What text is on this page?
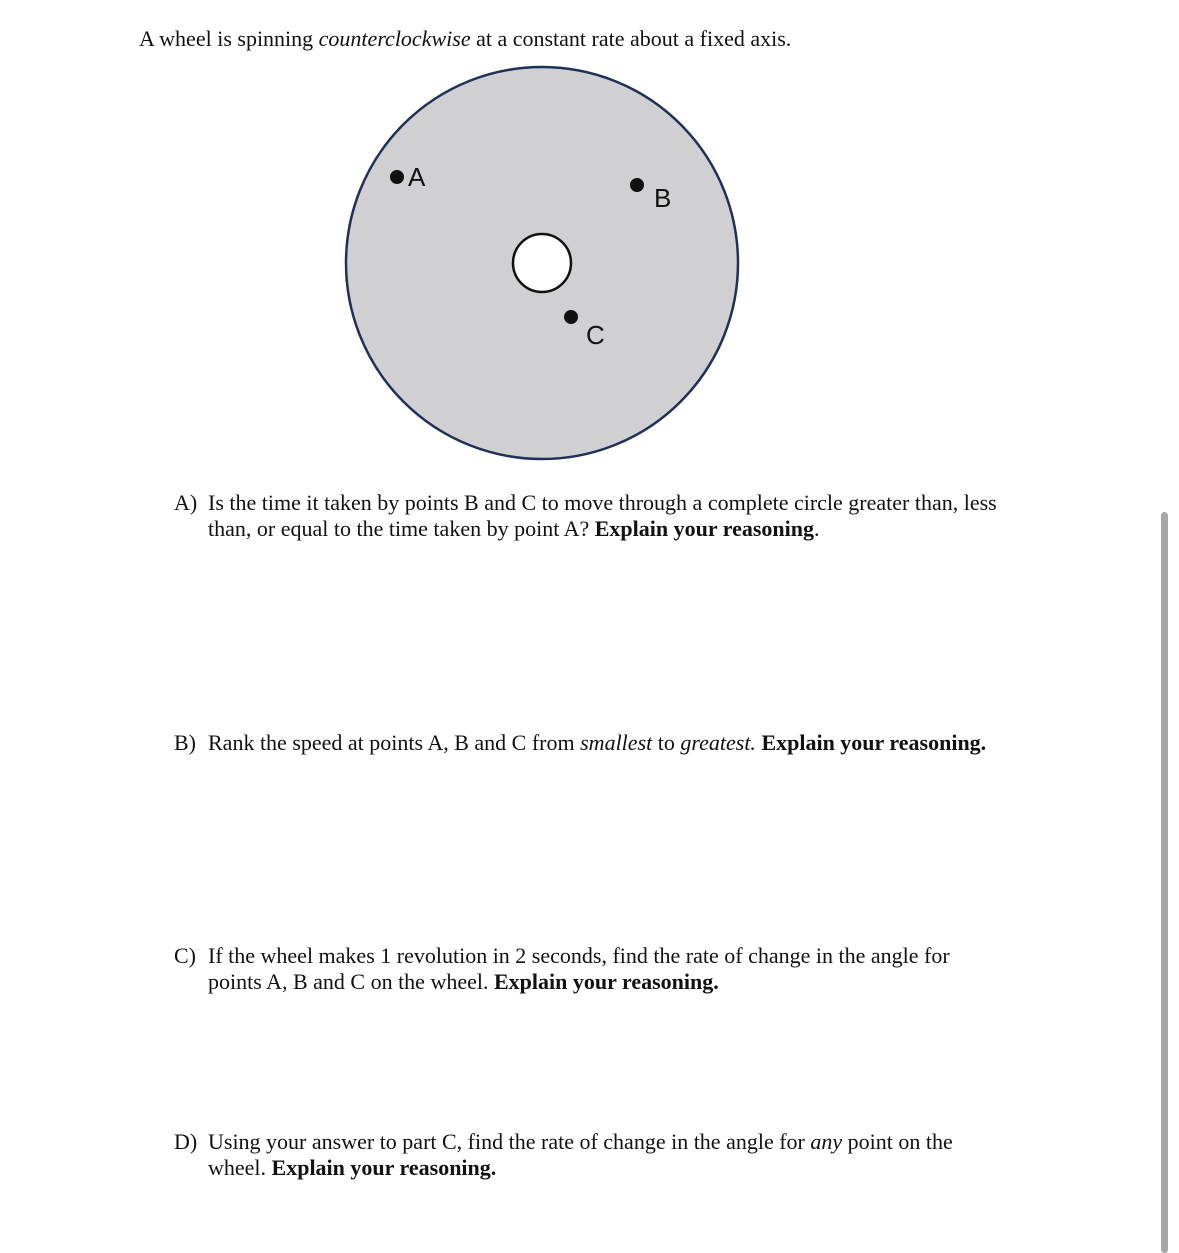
A wheel is spinning counterclockwise at a constant rate about a fixed axis.
A
B
C
A) Is the time it taken by points B and C to move through a complete circle greater than, less
than, or equal to the time taken by point A? Explain your reasoning.
B) Rank the speed at points A, B and C from smallest to greatest. Explain your reasoning.
C) If the wheel makes 1 revolution in 2 seconds, find the rate of change in the angle for
points A, B and C on the wheel. Explain your reasoning.
D) Using your answer to part C, find the rate of change in the angle for any point on the
wheel. Explain your reasoning.
